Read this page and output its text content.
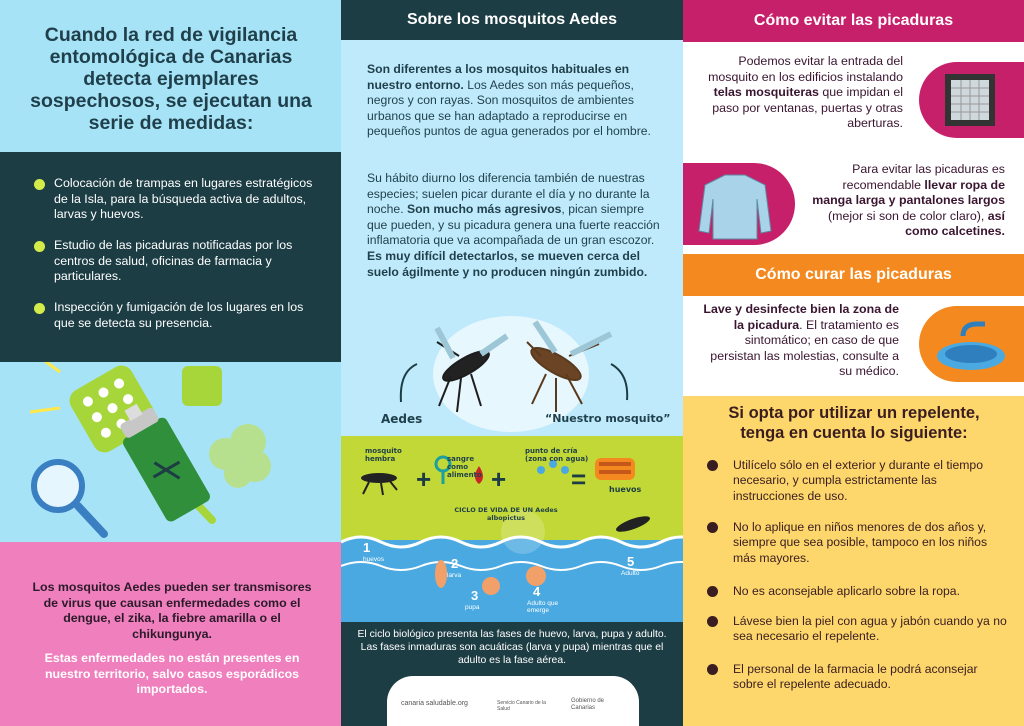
Cuando la red de vigilancia entomológica de Canarias detecta ejemplares sospechosos, se ejecutan una serie de medidas:
Colocación de trampas en lugares estratégicos de la Isla, para la búsqueda activa de adultos, larvas y huevos.
Estudio de las picaduras notificadas por los centros de salud, oficinas de farmacia y particulares.
Inspección y fumigación de los lugares en los que se detecta su presencia.
Los mosquitos Aedes pueden ser transmisores de virus que causan enfermedades como el dengue, el zika, la fiebre amarilla o el chikungunya.
Estas enfermedades no están presentes en nuestro territorio, salvo casos esporádicos importados.
Sobre los mosquitos Aedes
Son diferentes a los mosquitos habituales en nuestro entorno. Los Aedes son más pequeños, negros y con rayas. Son mosquitos de ambientes urbanos que se han adaptado a reproducirse en pequeños puntos de agua generados por el hombre.
Su hábito diurno los diferencia también de nuestras especies; suelen picar durante el día y no durante la noche. Son mucho más agresivos, pican siempre que pueden, y su picadura genera una fuerte reacción inflamatoria que va acompañada de un gran escozor. Es muy difícil detectarlos, se mueven cerca del suelo ágilmente y no producen ningún zumbido.
Aedes	“Nuestro mosquito”
+ + =
mosquito hembra	sangre como alimento
punto de cría (zona con agua)
huevos
CICLO DE VIDA DE UN Aedes albopictus
1
huevos	2
larva
3
pupa
4
Adulto que emerge
5
Adulto
El ciclo biológico presenta las fases de huevo, larva, pupa y adulto. Las fases inmaduras son acuáticas (larva y pupa) mientras que el adulto es la fase aérea.
canaria saludable.org	Servicio Canario de la Salud
Gobierno de Canarias
Cómo evitar las picaduras
Podemos evitar la entrada del mosquito en los edificios instalando telas mosquiteras que impidan el paso por ventanas, puertas y otras aberturas.
Para evitar las picaduras es recomendable llevar ropa de manga larga y pantalones largos (mejor si son de color claro), así como calcetines.
Cómo curar las picaduras
Lave y desinfecte bien la zona de la picadura. El tratamiento es sintomático; en caso de que persistan las molestias, consulte a su médico.
Si opta por utilizar un repelente, tenga en cuenta lo siguiente:
Utilícelo sólo en el exterior y durante el tiempo necesario, y cumpla estrictamente las instrucciones de uso.
No lo aplique en niños menores de dos años y, siempre que sea posible, tampoco en los niños más mayores.
No es aconsejable aplicarlo sobre la ropa.
Lávese bien la piel con agua y jabón cuando ya no sea necesario el repelente.
El personal de la farmacia le podrá aconsejar sobre el repelente adecuado.
